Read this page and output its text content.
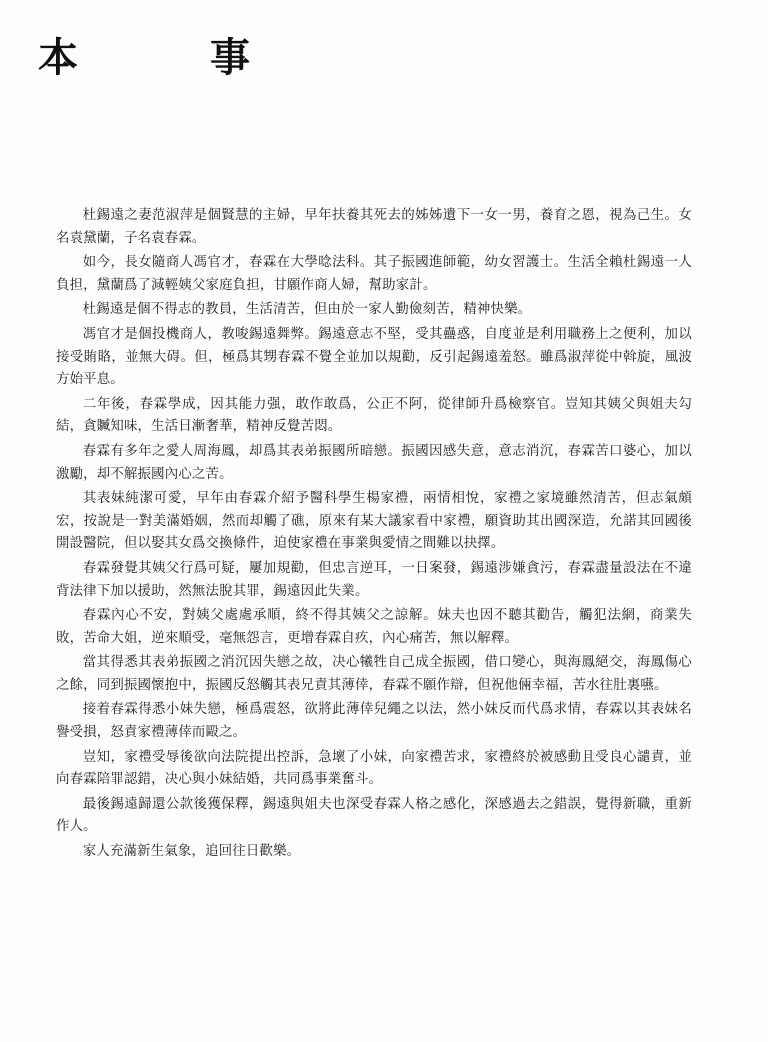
本　事

杜錫遠之妻范淑萍是個賢慧的主婦，早年扶養其死去的姊姊遺下一女一男，養育之恩，視為己生。女名袁黛蘭，子名袁春霖。

如今，長女隨商人馮官才，春霖在大學唸法科。其子振國進師範，幼女習護士。生活全賴杜錫遠一人負担，黛蘭爲了減輕姨父家庭負担，甘願作商人婦，幫助家計。

杜錫遠是個不得志的教員，生活清苦，但由於一家人勤儉刻苦，精神快樂。

馮官才是個投機商人，教唆錫遠舞弊。錫遠意志不堅，受其蠱惑，自度並是利用職務上之便利，加以接受賄賂，並無大碍。但，極爲其甥春霖不覺全並加以規勸，反引起錫遠羞怒。雖爲淑萍從中斡旋，風波方始平息。

二年後，春霖學成，因其能力强，敢作敢爲，公正不阿，從律師升爲檢察官。豈知其姨父與姐夫勾結，貪贓知味，生活日漸奢華，精神反覺苦悶。

春霖有多年之愛人周海鳳，却爲其表弟振國所暗戀。振國因感失意，意志消沉，春霖苦口婆心，加以激勵，却不解振國內心之苦。

其表妹純潔可愛，早年由春霖介紹予醫科學生楊家禮，兩情相悅，家禮之家境雖然清苦，但志氣頗宏，按說是一對美滿婚姻，然而却觸了礁，原來有某大議家看中家禮，願資助其出國深造，允諾其回國後開設醫院，但以娶其女爲交換條件，迫使家禮在事業與愛情之間難以抉擇。

春霖發覺其姨父行爲可疑，屢加規勸，但忠言逆耳，一日案發，錫遠涉嫌貪污，春霖盡量設法在不違背法律下加以援助，然無法脫其罪，錫遠因此失業。

春霖內心不安，對姨父處處承順，終不得其姨父之諒解。妹夫也因不聽其勸告，觸犯法網，商業失敗，苦命大姐，逆來順受，毫無怨言，更增春霖自疚，內心痛苦，無以解釋。

當其得悉其表弟振國之消沉因失戀之故，决心犧牲自己成全振國，借口變心，與海鳳絕交，海鳳傷心之餘，同到振國懷抱中，振國反怒觸其表兄責其薄倖，春霖不願作辯，但祝他倆幸福，苦水往肚裏嚥。

接着春霖得悉小妹失戀，極爲震怒，欲將此薄倖兒繩之以法，然小妹反而代爲求情，春霖以其表妹名譽受損，怒責家禮薄倖而毆之。

豈知，家禮受辱後欲向法院提出控訴，急壞了小妹，向家禮苦求，家禮終於被感動且受良心譴責，並向春霖陪罪認錯，决心與小妹結婚，共同爲事業奮斗。

最後錫遠歸還公款後獲保釋，錫遠與姐夫也深受春霖人格之感化，深感過去之錯誤，覺得新職，重新作人。

家人充滿新生氣象，追回往日歡樂。
